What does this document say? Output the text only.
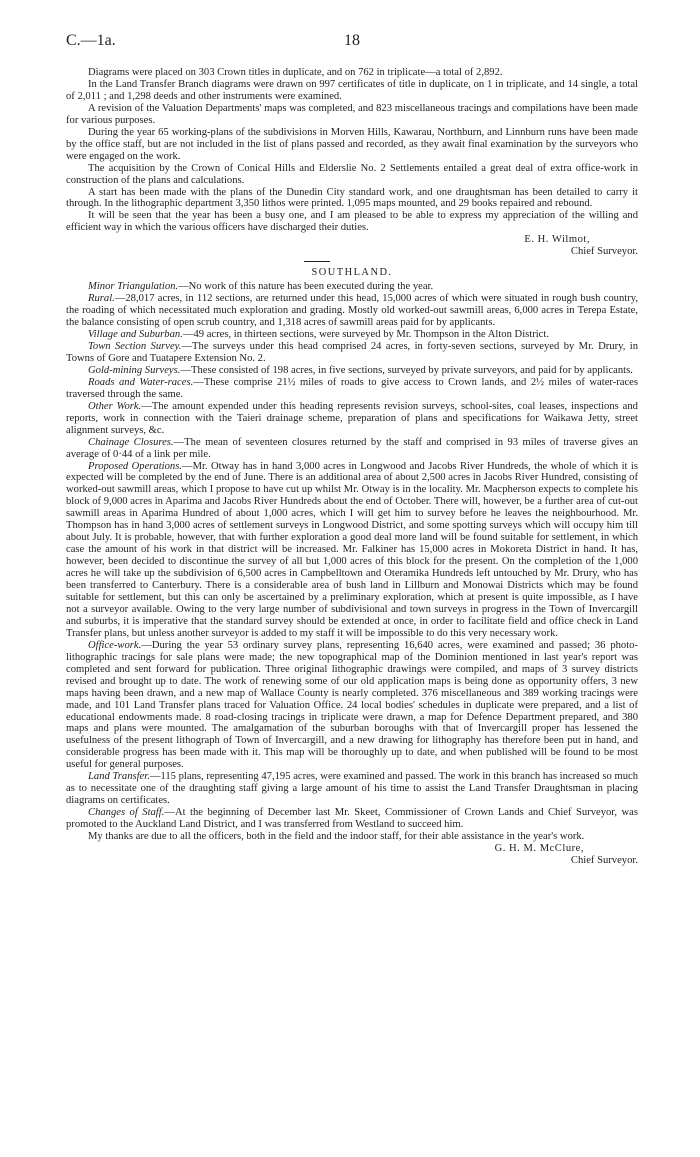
C.—1a.	18

Diagrams were placed on 303 Crown titles in duplicate, and on 762 in triplicate—a total of 2,892.

In the Land Transfer Branch diagrams were drawn on 997 certificates of title in duplicate, on 1 in triplicate, and 14 single, a total of 2,011 ; and 1,298 deeds and other instruments were examined.

A revision of the Valuation Departments' maps was completed, and 823 miscellaneous tracings and compilations have been made for various purposes.

During the year 65 working-plans of the subdivisions in Morven Hills, Kawarau, Northburn, and Linnburn runs have been made by the office staff, but are not included in the list of plans passed and recorded, as they await final examination by the surveyors who were engaged on the work.

The acquisition by the Crown of Conical Hills and Elderslie No. 2 Settlements entailed a great deal of extra office-work in construction of the plans and calculations.

A start has been made with the plans of the Dunedin City standard work, and one draughtsman has been detailed to carry it through. In the lithographic department 3,350 lithos were printed. 1,095 maps mounted, and 29 books repaired and rebound.

It will be seen that the year has been a busy one, and I am pleased to be able to express my appreciation of the willing and efficient way in which the various officers have discharged their duties.

E. H. Wilmot,
Chief Surveyor.
SOUTHLAND.

Minor Triangulation.—No work of this nature has been executed during the year.

Rural.—28,017 acres, in 112 sections, are returned under this head, 15,000 acres of which were situated in rough bush country, the roading of which necessitated much exploration and grading. Mostly old worked-out sawmill areas, 6,000 acres in Terepa Estate, the balance consisting of open scrub country, and 1,318 acres of sawmill areas paid for by applicants.

Village and Suburban.—49 acres, in thirteen sections, were surveyed by Mr. Thompson in the Alton District.

Town Section Survey.—The surveys under this head comprised 24 acres, in forty-seven sections, surveyed by Mr. Drury, in Towns of Gore and Tuatapere Extension No. 2.

Gold-mining Surveys.—These consisted of 198 acres, in five sections, surveyed by private surveyors, and paid for by applicants.

Roads and Water-races.—These comprise 21½ miles of roads to give access to Crown lands, and 2½ miles of water-races traversed through the same.

Other Work.—The amount expended under this heading represents revision surveys, school-sites, coal leases, inspections and reports, work in connection with the Taieri drainage scheme, preparation of plans and specifications for Waikawa Jetty, street alignment surveys, &c.

Chainage Closures.—The mean of seventeen closures returned by the staff and comprised in 93 miles of traverse gives an average of 0·44 of a link per mile.

Proposed Operations.—Mr. Otway has in hand 3,000 acres in Longwood and Jacobs River Hundreds, the whole of which it is expected will be completed by the end of June. There is an additional area of about 2,500 acres in Jacobs River Hundred, consisting of worked-out sawmill areas, which I propose to have cut up whilst Mr. Otway is in the locality. Mr. Macpherson expects to complete his block of 9,000 acres in Aparima and Jacobs River Hundreds about the end of October. There will, however, be a further area of cut-out sawmill areas in Aparima Hundred of about 1,000 acres, which I will get him to survey before he leaves the neighbourhood. Mr. Thompson has in hand 3,000 acres of settlement surveys in Longwood District, and some spotting surveys which will occupy him till about July. It is probable, however, that with further exploration a good deal more land will be found suitable for settlement, in which case the amount of his work in that district will be increased. Mr. Falkiner has 15,000 acres in Mokoreta District in hand. It has, however, been decided to discontinue the survey of all but 1,000 acres of this block for the present. On the completion of the 1,000 acres he will take up the subdivision of 6,500 acres in Campbelltown and Oteramika Hundreds left untouched by Mr. Drury, who has been transferred to Canterbury. There is a considerable area of bush land in Lillburn and Monowai Districts which may be found suitable for settlement, but this can only be ascertained by a preliminary exploration, which at present is quite impossible, as I have not a surveyor available. Owing to the very large number of subdivisional and town surveys in progress in the Town of Invercargill and suburbs, it is imperative that the standard survey should be extended at once, in order to facilitate field and office check in Land Transfer plans, but unless another surveyor is added to my staff it will be impossible to do this very necessary work.

Office-work.—During the year 53 ordinary survey plans, representing 16,640 acres, were examined and passed; 36 photo-lithographic tracings for sale plans were made; the new topographical map of the Dominion mentioned in last year's report was completed and sent forward for publication. Three original lithographic drawings were compiled, and maps of 3 survey districts revised and brought up to date. The work of renewing some of our old application maps is being done as opportunity offers, 3 new maps having been drawn, and a new map of Wallace County is nearly completed. 376 miscellaneous and 389 working tracings were made, and 101 Land Transfer plans traced for Valuation Office. 24 local bodies' schedules in duplicate were prepared, and a list of educational endowments made. 8 road-closing tracings in triplicate were drawn, a map for Defence Department prepared, and 380 maps and plans were mounted. The amalgamation of the suburban boroughs with that of Invercargill proper has lessened the usefulness of the present lithograph of Town of Invercargill, and a new drawing for lithography has therefore been put in hand, and considerable progress has been made with it. This map will be thoroughly up to date, and when published will be found to be most useful for general purposes.

Land Transfer.—115 plans, representing 47,195 acres, were examined and passed. The work in this branch has increased so much as to necessitate one of the draughting staff giving a large amount of his time to assist the Land Transfer Draughtsman in placing diagrams on certificates.

Changes of Staff.—At the beginning of December last Mr. Skeet, Commissioner of Crown Lands and Chief Surveyor, was promoted to the Auckland Land District, and I was transferred from Westland to succeed him.

My thanks are due to all the officers, both in the field and the indoor staff, for their able assistance in the year's work.

G. H. M. McClure,
Chief Surveyor.
